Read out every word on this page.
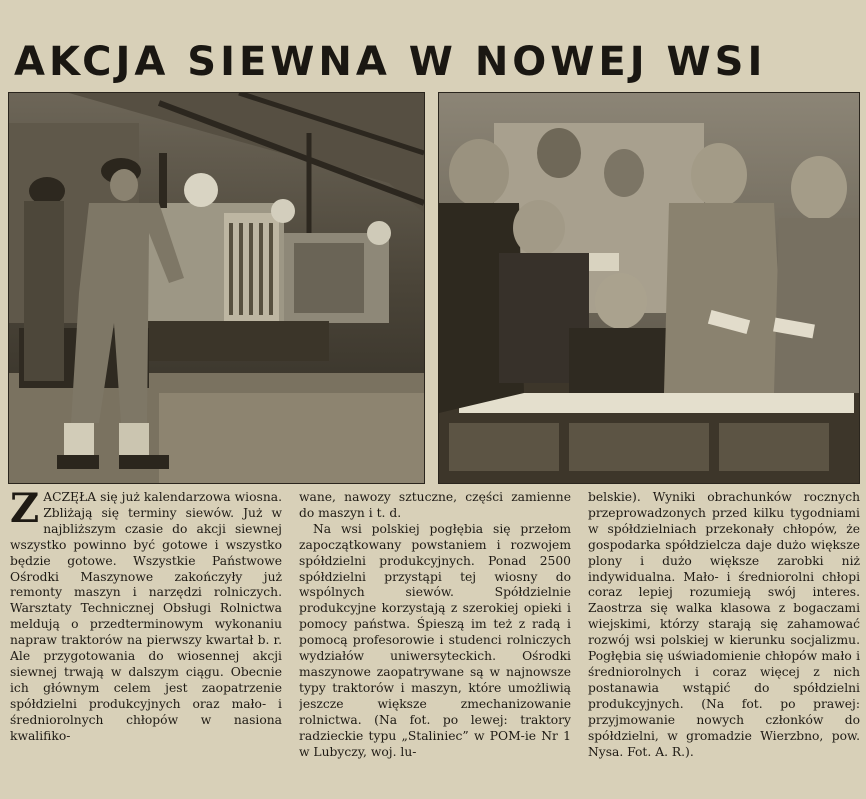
AKCJA SIEWNA W NOWEJ WSI

ZACZĘŁA się już kalendarzowa wiosna. Zbliżają się terminy siewów. Już w najbliższym czasie do akcji siewnej wszystko powinno być gotowe i wszystko będzie gotowe. Wszystkie Państwowe Ośrodki Maszynowe zakończyły już remonty maszyn i narzędzi rolniczych. Warsztaty Technicznej Obsługi Rolnictwa meldują o przedterminowym wykonaniu napraw traktorów na pierwszy kwartał b. r. Ale przygotowania do wiosennej akcji siewnej trwają w dalszym ciągu. Obecnie ich głównym celem jest zaopatrzenie spółdzielni produkcyjnych oraz mało- i średniorolnych chłopów w nasiona kwalifiko-

wane, nawozy sztuczne, części zamienne do maszyn i t. d.

Na wsi polskiej pogłębia się przełom zapoczątkowany powstaniem i rozwojem spółdzielni produkcyjnych. Ponad 2500 spółdzielni przystąpi tej wiosny do wspólnych siewów. Spółdzielnie produkcyjne korzystają z szerokiej opieki i pomocy państwa. Śpieszą im też z radą i pomocą profesorowie i studenci rolniczych wydziałów uniwersyteckich. Ośrodki maszynowe zaopatrywane są w najnowsze typy traktorów i maszyn, które umożliwią jeszcze większe zmechanizowanie rolnictwa. (Na fot. po lewej: traktory radzieckie typu „Staliniec” w POM-ie Nr 1 w Lubyczy, woj. lu-

belskie). Wyniki obrachunków rocznych przeprowadzonych przed kilku tygodniami w spółdzielniach przekonały chłopów, że gospodarka spółdzielcza daje dużo większe plony i dużo większe zarobki niż indywidualna. Mało- i średniorolni chłopi coraz lepiej rozumieją swój interes. Zaostrza się walka klasowa z bogaczami wiejskimi, którzy starają się zahamować rozwój wsi polskiej w kierunku socjalizmu. Pogłębia się uświadomienie chłopów mało i średniorolnych i coraz więcej z nich postanawia wstąpić do spółdzielni produkcyjnych. (Na fot. po prawej: przyjmowanie nowych członków do spółdzielni, w gromadzie Wierzbno, pow. Nysa. Fot. A. R.).
